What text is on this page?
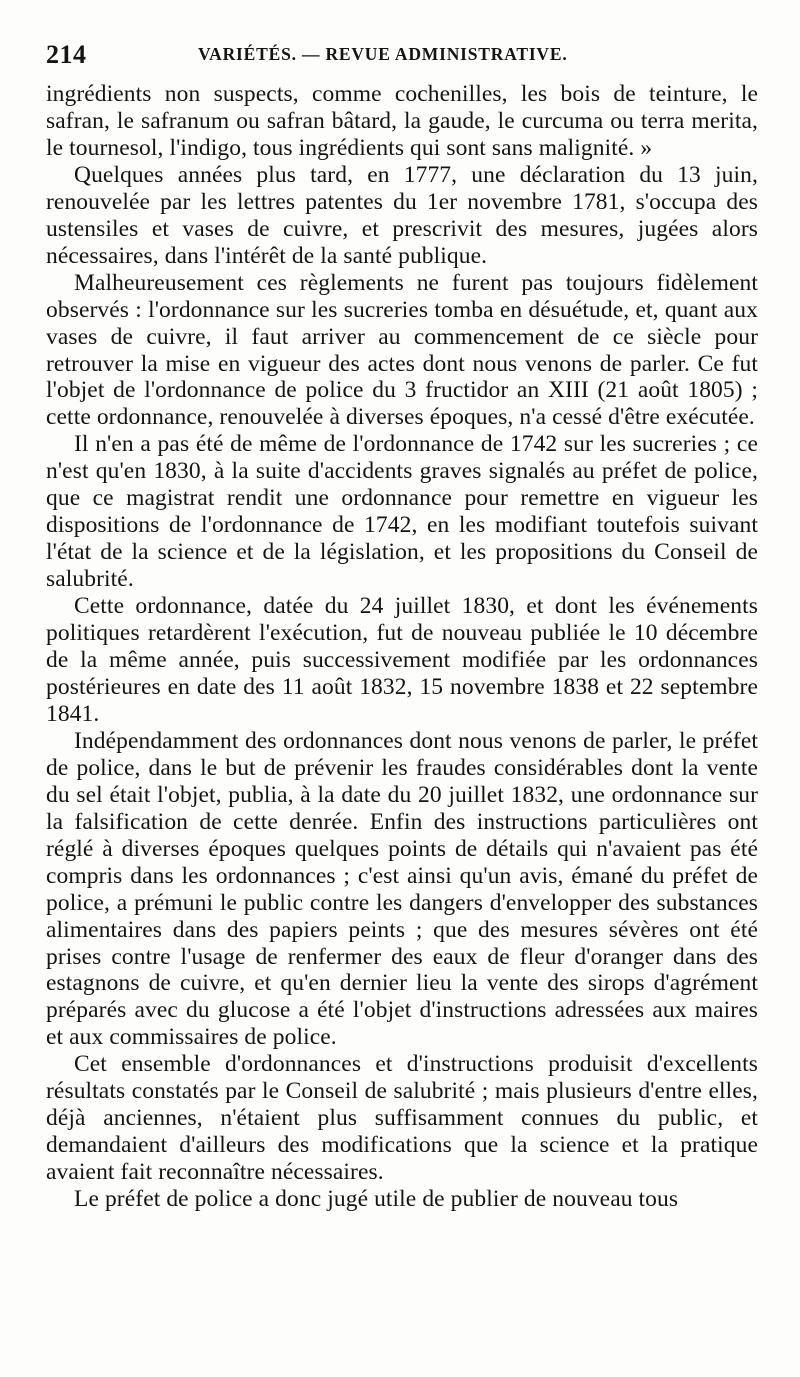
214	VARIÉTÉS. — REVUE ADMINISTRATIVE.

ingrédients non suspects, comme cochenilles, les bois de teinture, le safran, le safranum ou safran bâtard, la gaude, le curcuma ou terra merita, le tournesol, l'indigo, tous ingrédients qui sont sans malignité. »

Quelques années plus tard, en 1777, une déclaration du 13 juin, renouvelée par les lettres patentes du 1er novembre 1781, s'occupa des ustensiles et vases de cuivre, et prescrivit des mesures, jugées alors nécessaires, dans l'intérêt de la santé publique.

Malheureusement ces règlements ne furent pas toujours fidèlement observés : l'ordonnance sur les sucreries tomba en désuétude, et, quant aux vases de cuivre, il faut arriver au commencement de ce siècle pour retrouver la mise en vigueur des actes dont nous venons de parler. Ce fut l'objet de l'ordonnance de police du 3 fructidor an XIII (21 août 1805) ; cette ordonnance, renouvelée à diverses époques, n'a cessé d'être exécutée.

Il n'en a pas été de même de l'ordonnance de 1742 sur les sucreries ; ce n'est qu'en 1830, à la suite d'accidents graves signalés au préfet de police, que ce magistrat rendit une ordonnance pour remettre en vigueur les dispositions de l'ordonnance de 1742, en les modifiant toutefois suivant l'état de la science et de la législation, et les propositions du Conseil de salubrité.

Cette ordonnance, datée du 24 juillet 1830, et dont les événements politiques retardèrent l'exécution, fut de nouveau publiée le 10 décembre de la même année, puis successivement modifiée par les ordonnances postérieures en date des 11 août 1832, 15 novembre 1838 et 22 septembre 1841.

Indépendamment des ordonnances dont nous venons de parler, le préfet de police, dans le but de prévenir les fraudes considérables dont la vente du sel était l'objet, publia, à la date du 20 juillet 1832, une ordonnance sur la falsification de cette denrée. Enfin des instructions particulières ont réglé à diverses époques quelques points de détails qui n'avaient pas été compris dans les ordonnances ; c'est ainsi qu'un avis, émané du préfet de police, a prémuni le public contre les dangers d'envelopper des substances alimentaires dans des papiers peints ; que des mesures sévères ont été prises contre l'usage de renfermer des eaux de fleur d'oranger dans des estagnons de cuivre, et qu'en dernier lieu la vente des sirops d'agrément préparés avec du glucose a été l'objet d'instructions adressées aux maires et aux commissaires de police.

Cet ensemble d'ordonnances et d'instructions produisit d'excellents résultats constatés par le Conseil de salubrité ; mais plusieurs d'entre elles, déjà anciennes, n'étaient plus suffisamment connues du public, et demandaient d'ailleurs des modifications que la science et la pratique avaient fait reconnaître nécessaires.

Le préfet de police a donc jugé utile de publier de nouveau tous
